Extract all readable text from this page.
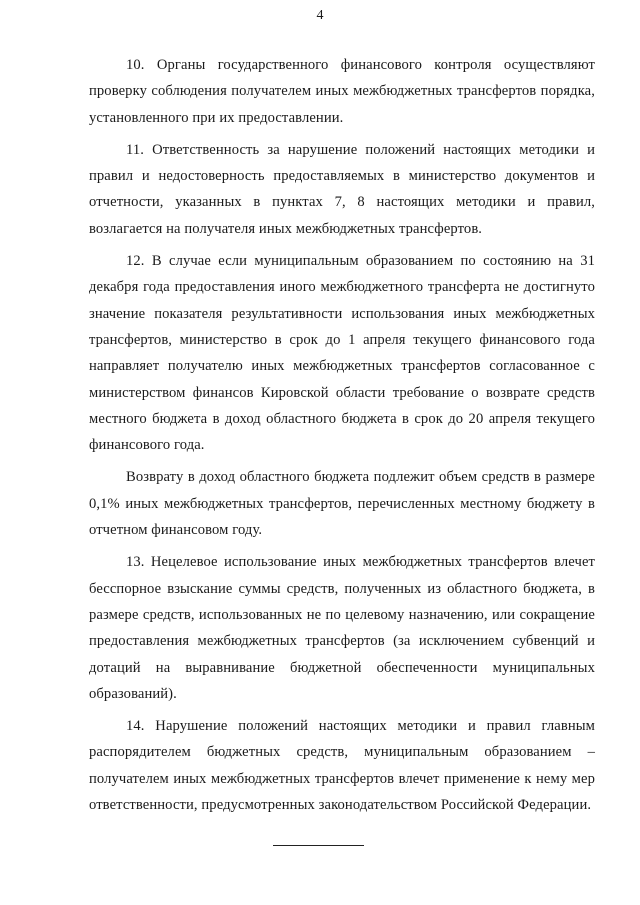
4

10. Органы государственного финансового контроля осуществляют проверку соблюдения получателем иных межбюджетных трансфертов порядка, установленного при их предоставлении.

11. Ответственность за нарушение положений настоящих методики и правил и недостоверность предоставляемых в министерство документов и отчетности, указанных в пунктах 7, 8 настоящих методики и правил, возлагается на получателя иных межбюджетных трансфертов.

12. В случае если муниципальным образованием по состоянию на 31 декабря года предоставления иного межбюджетного трансферта не достигнуто значение показателя результативности использования иных межбюджетных трансфертов, министерство в срок до 1 апреля текущего финансового года направляет получателю иных межбюджетных трансфертов согласованное с министерством финансов Кировской области требование о возврате средств местного бюджета в доход областного бюджета в срок до 20 апреля текущего финансового года.

Возврату в доход областного бюджета подлежит объем средств в размере 0,1% иных межбюджетных трансфертов, перечисленных местному бюджету в отчетном финансовом году.

13. Нецелевое использование иных межбюджетных трансфертов влечет бесспорное взыскание суммы средств, полученных из областного бюджета, в размере средств, использованных не по целевому назначению, или сокращение предоставления межбюджетных трансфертов (за исключением субвенций и дотаций на выравнивание бюджетной обеспеченности муниципальных образований).

14. Нарушение положений настоящих методики и правил главным распорядителем бюджетных средств, муниципальным образованием – получателем иных межбюджетных трансфертов влечет применение к нему мер ответственности, предусмотренных законодательством Российской Федерации.
